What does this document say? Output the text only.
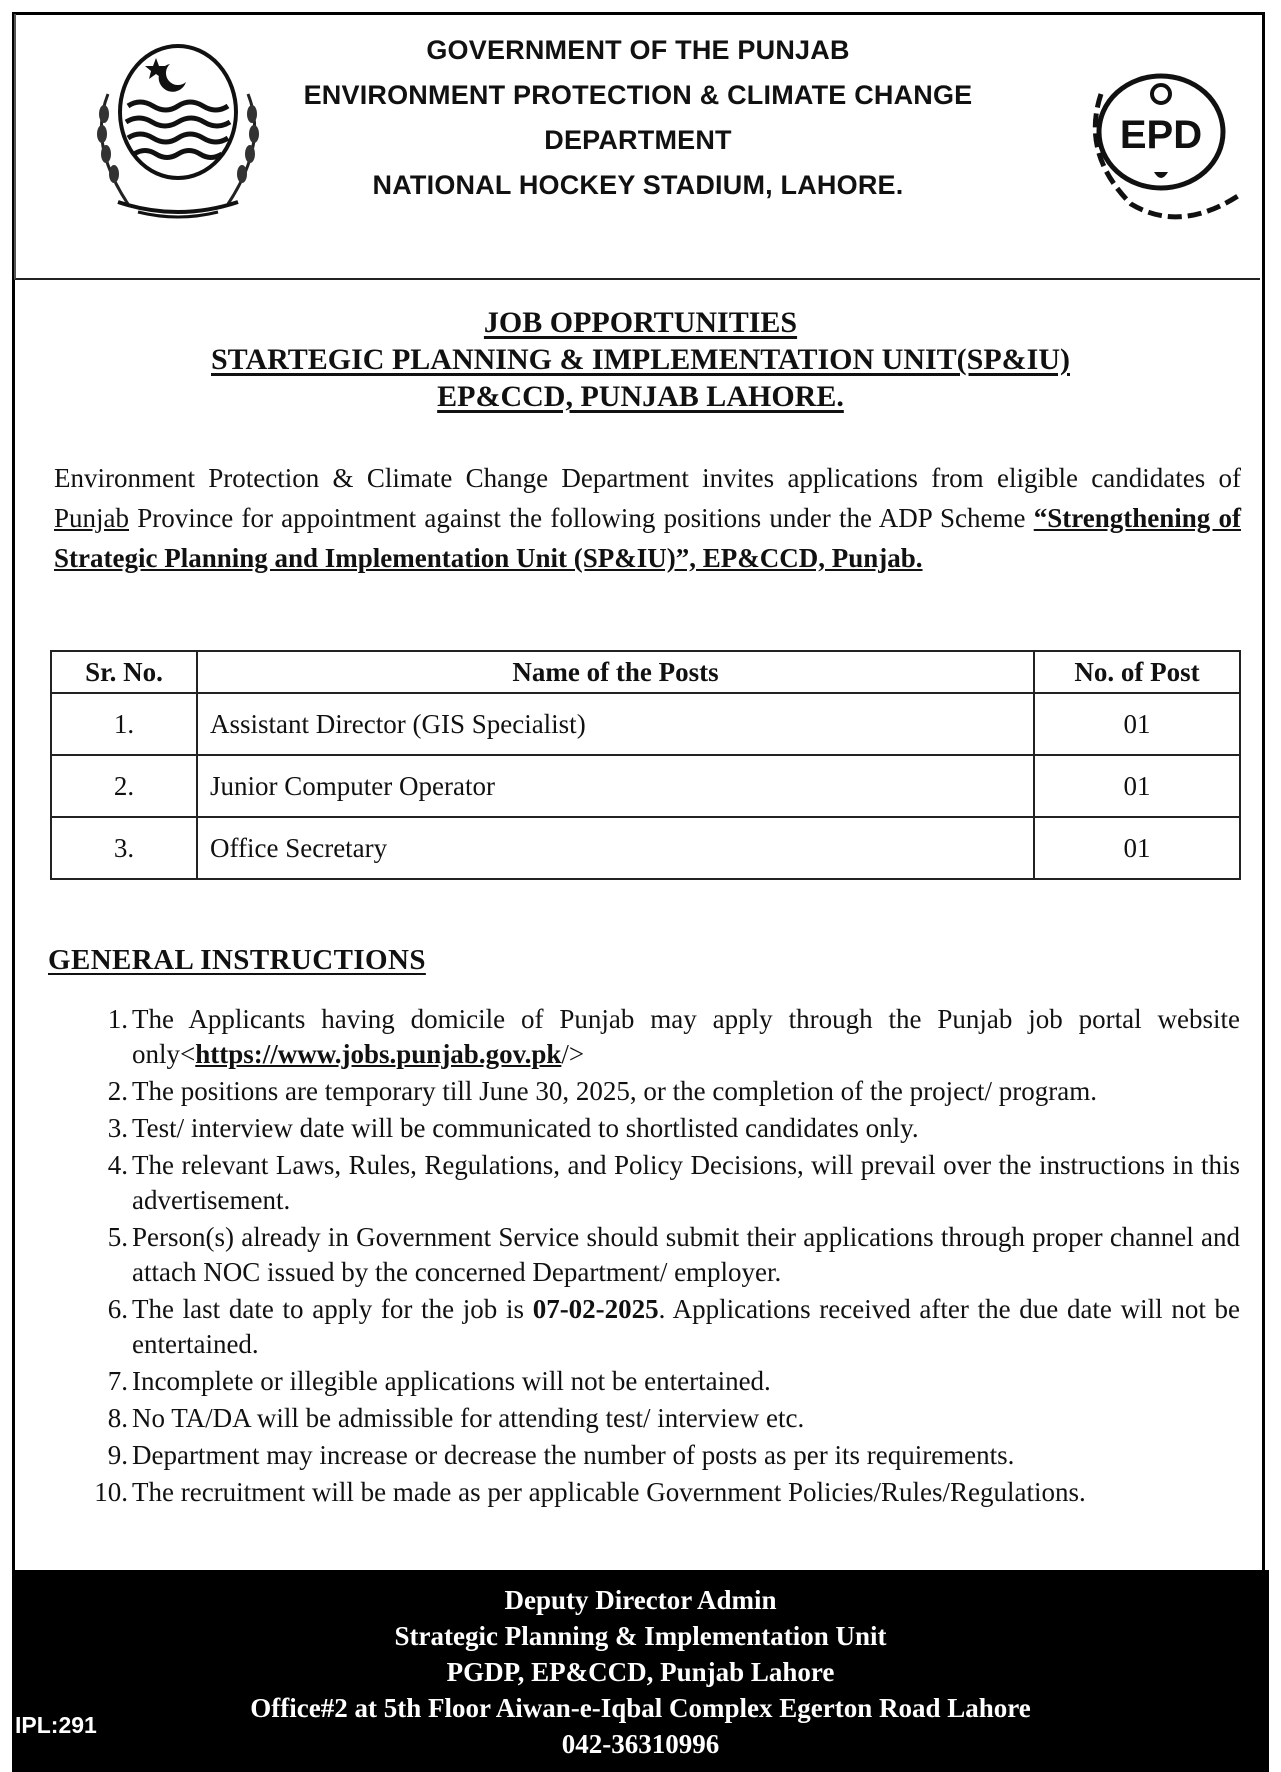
GOVERNMENT OF THE PUNJAB
ENVIRONMENT PROTECTION & CLIMATE CHANGE
DEPARTMENT
NATIONAL HOCKEY STADIUM, LAHORE.
EPD
JOB OPPORTUNITIES
STARTEGIC PLANNING & IMPLEMENTATION UNIT(SP&IU)
EP&CCD, PUNJAB LAHORE.
Environment Protection & Climate Change Department invites applications from eligible candidates of Punjab Province for appointment against the following positions under the ADP Scheme “Strengthening of Strategic Planning and Implementation Unit (SP&IU)”, EP&CCD, Punjab.
Sr. No.	Name of the Posts	No. of Post
1.	Assistant Director (GIS Specialist)	01
2.	Junior Computer Operator	01
3.	Office Secretary	01
GENERAL INSTRUCTIONS
1. The Applicants having domicile of Punjab may apply through the Punjab job portal website only<https://www.jobs.punjab.gov.pk/>
2. The positions are temporary till June 30, 2025, or the completion of the project/ program.
3. Test/ interview date will be communicated to shortlisted candidates only.
4. The relevant Laws, Rules, Regulations, and Policy Decisions, will prevail over the instructions in this advertisement.
5. Person(s) already in Government Service should submit their applications through proper channel and attach NOC issued by the concerned Department/ employer.
6. The last date to apply for the job is 07-02-2025. Applications received after the due date will not be entertained.
7. Incomplete or illegible applications will not be entertained.
8. No TA/DA will be admissible for attending test/ interview etc.
9. Department may increase or decrease the number of posts as per its requirements.
10. The recruitment will be made as per applicable Government Policies/Rules/Regulations.
Deputy Director Admin
Strategic Planning & Implementation Unit
PGDP, EP&CCD, Punjab Lahore
Office#2 at 5th Floor Aiwan-e-Iqbal Complex Egerton Road Lahore
042-36310996
IPL:291
